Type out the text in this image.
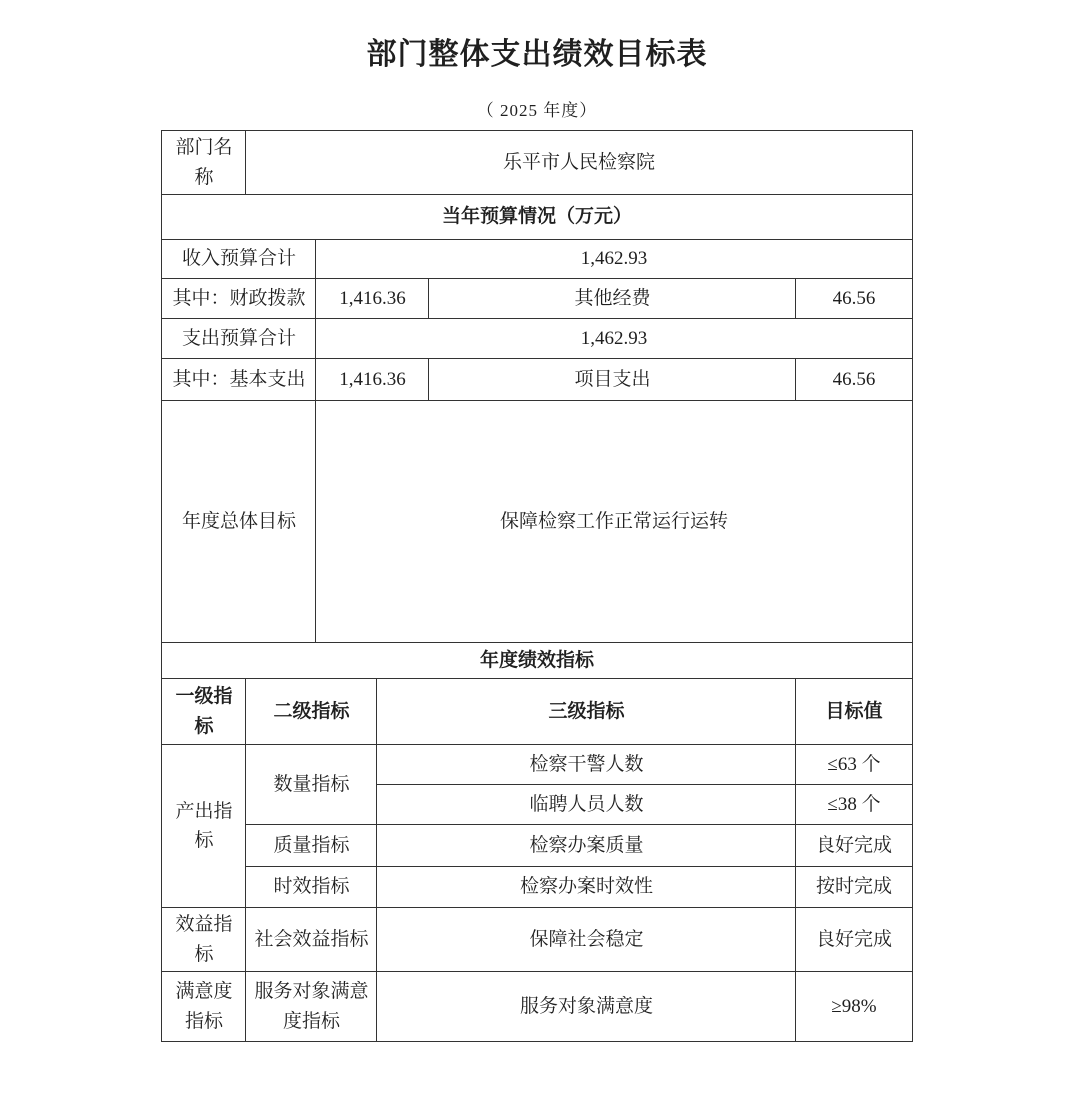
部门整体支出绩效目标表
（ 2025 年度）
部门名称	乐平市人民检察院				
当年预算情况（万元）					
收入预算合计		1,462.93			
其中：财政拨款		1,416.36		其他经费	46.56
支出预算合计		1,462.93			
其中：基本支出		1,416.36		项目支出	46.56
年度总体目标		保障检察工作正常运行运转			
年度绩效指标					
一级指标	二级指标		三级指标		目标值
产出指标	数量指标		检察干警人数		≤63 个
			临聘人员人数		≤38 个
	质量指标		检察办案质量		良好完成
	时效指标		检察办案时效性		按时完成
效益指标	社会效益指标		保障社会稳定		良好完成
满意度指标	服务对象满意度指标		服务对象满意度		≥98%
